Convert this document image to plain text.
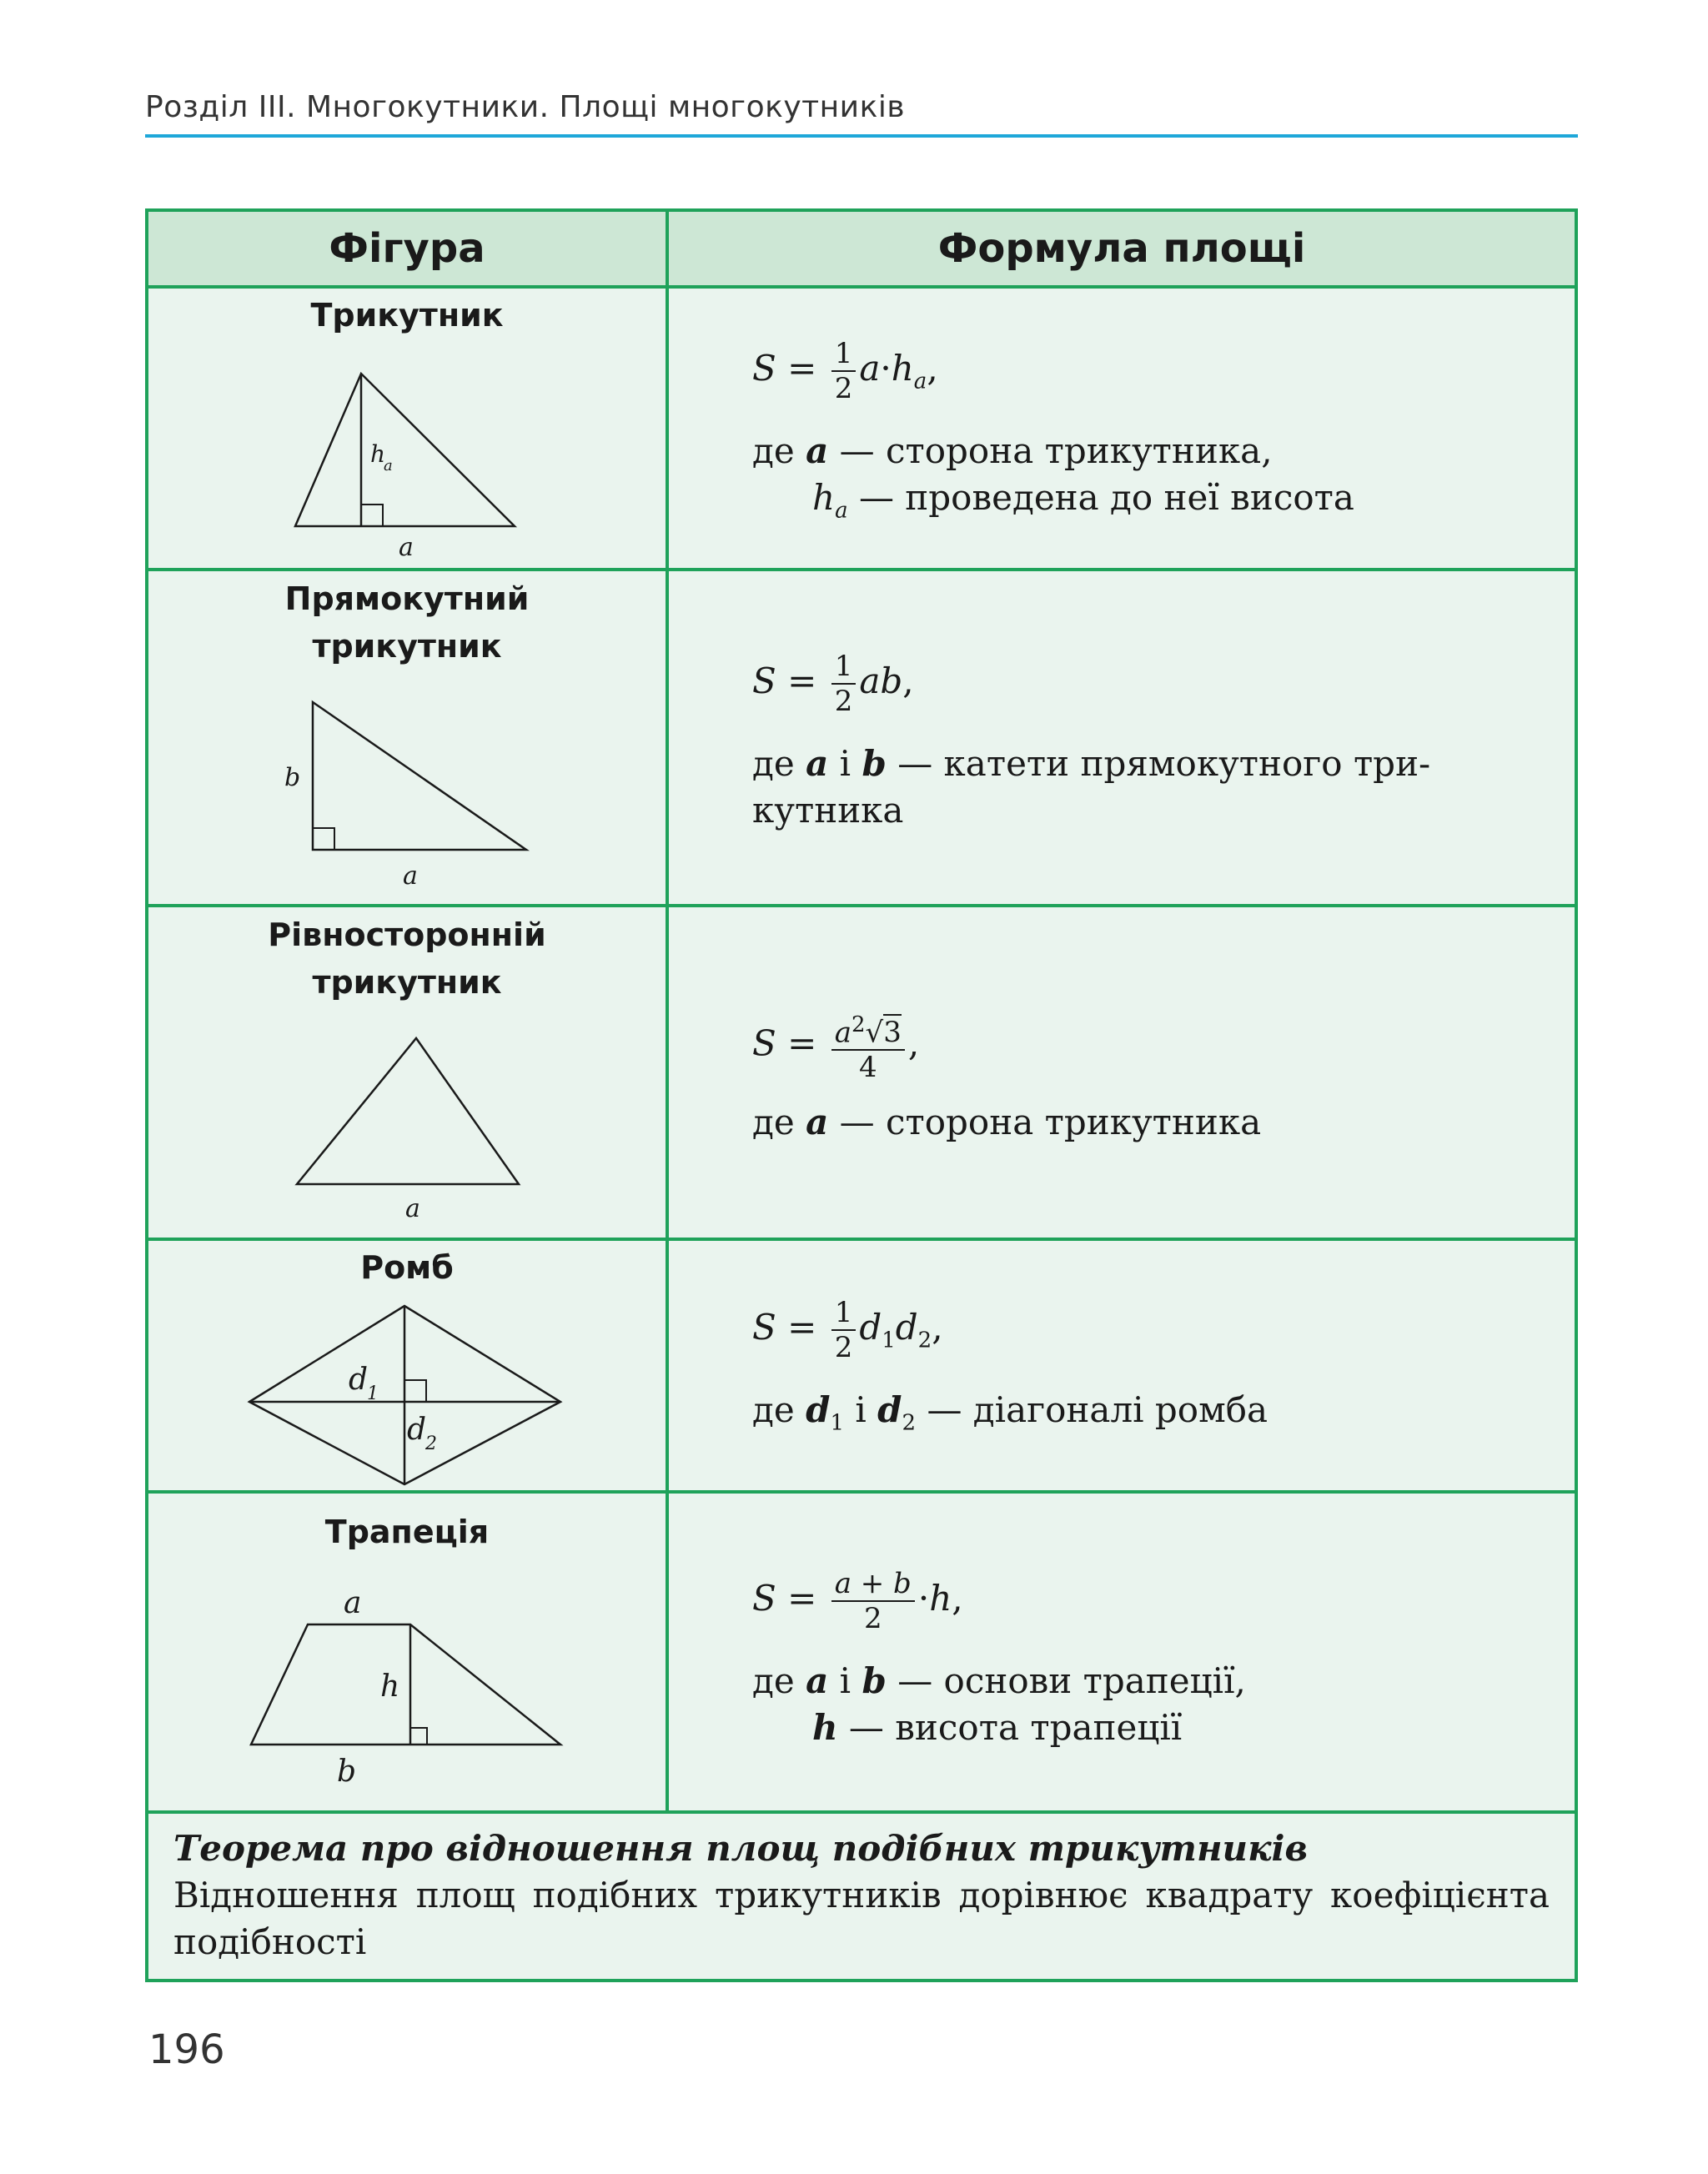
Розділ III. Многокутники. Площі многокутників
Фігура	Формула площі
Трикутник
h
a
a
$S = \frac{1}{2} a\cdot h_a$,
де a — сторона трикутника,
$h_a$ — проведена до неї висота
Прямокутний
трикутник
b
a
$S = \frac{1}{2}$ ab,
де a і b — катети прямокутного три-
кутника
Рівносторонній
трикутник
a
$S = \frac{a^2√3}{4}$ ,
де a — сторона трикутника
Ромб
d
1
d
2
$S = \frac{1}{2} d_1d_2$,
де $d_1$ і $d_2$ — діагоналі ромба
Трапеція
a
h
b
$S = \frac{a + b}{2} \cdot h$,
де a і b — основи трапеції,
h — висота трапеції
Теорема про відношення площ подібних трикутників
Відношення площ подібних трикутників дорівнює квадрату коефіцієнта подібності
196
